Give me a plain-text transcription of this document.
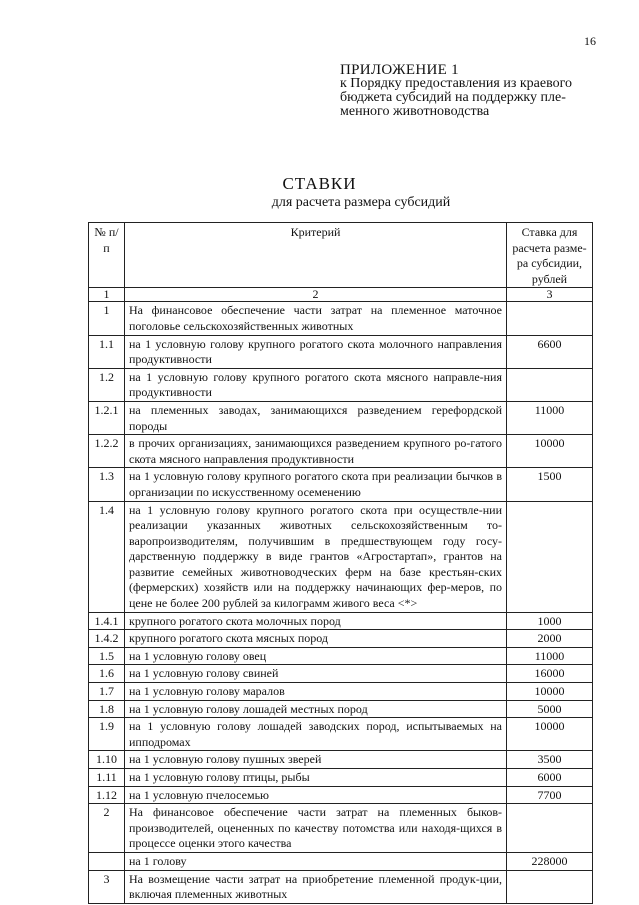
16
ПРИЛОЖЕНИЕ 1
к Порядку предоставления из краевого
бюджета субсидий на поддержку пле-
менного животноводства
СТАВКИ
для расчета размера субсидий
№ п/п	Критерий	Ставка для расчета разме-ра субсидии, рублей
1	2	3
1	На финансовое обеспечение части затрат на племенное маточное поголовье сельскохозяйственных животных	
1.1	на 1 условную голову крупного рогатого скота молочного направления продуктивности	6600
1.2	на 1 условную голову крупного рогатого скота мясного направле-ния продуктивности	
1.2.1	на племенных заводах, занимающихся разведением герефордской породы	11000
1.2.2	в прочих организациях, занимающихся разведением крупного ро-гатого скота мясного направления продуктивности	10000
1.3	на 1 условную голову крупного рогатого скота при реализации бычков в организации по искусственному осеменению	1500
1.4	на 1 условную голову крупного рогатого скота при осуществле-нии реализации указанных животных сельскохозяйственным то-варопроизводителям, получившим в предшествующем году госу-дарственную поддержку в виде грантов «Агростартап», грантов на развитие семейных животноводческих ферм на базе крестьян-ских (фермерских) хозяйств или на поддержку начинающих фер-меров, по цене не более 200 рублей за килограмм живого веса <*>	
1.4.1	крупного рогатого скота молочных пород	1000
1.4.2	крупного рогатого скота мясных пород	2000
1.5	на 1 условную голову овец	11000
1.6	на 1 условную голову свиней	16000
1.7	на 1 условную голову маралов	10000
1.8	на 1 условную голову лошадей местных пород	5000
1.9	на 1 условную голову лошадей заводских пород, испытываемых на ипподромах	10000
1.10	на 1 условную голову пушных зверей	3500
1.11	на 1 условную голову птицы, рыбы	6000
1.12	на 1 условную пчелосемью	7700
2	На финансовое обеспечение части затрат на племенных быков-производителей, оцененных по качеству потомства или находя-щихся в процессе оценки этого качества	
	на 1 голову	228000
3	На возмещение части затрат на приобретение племенной продук-ции, включая племенных животных	
